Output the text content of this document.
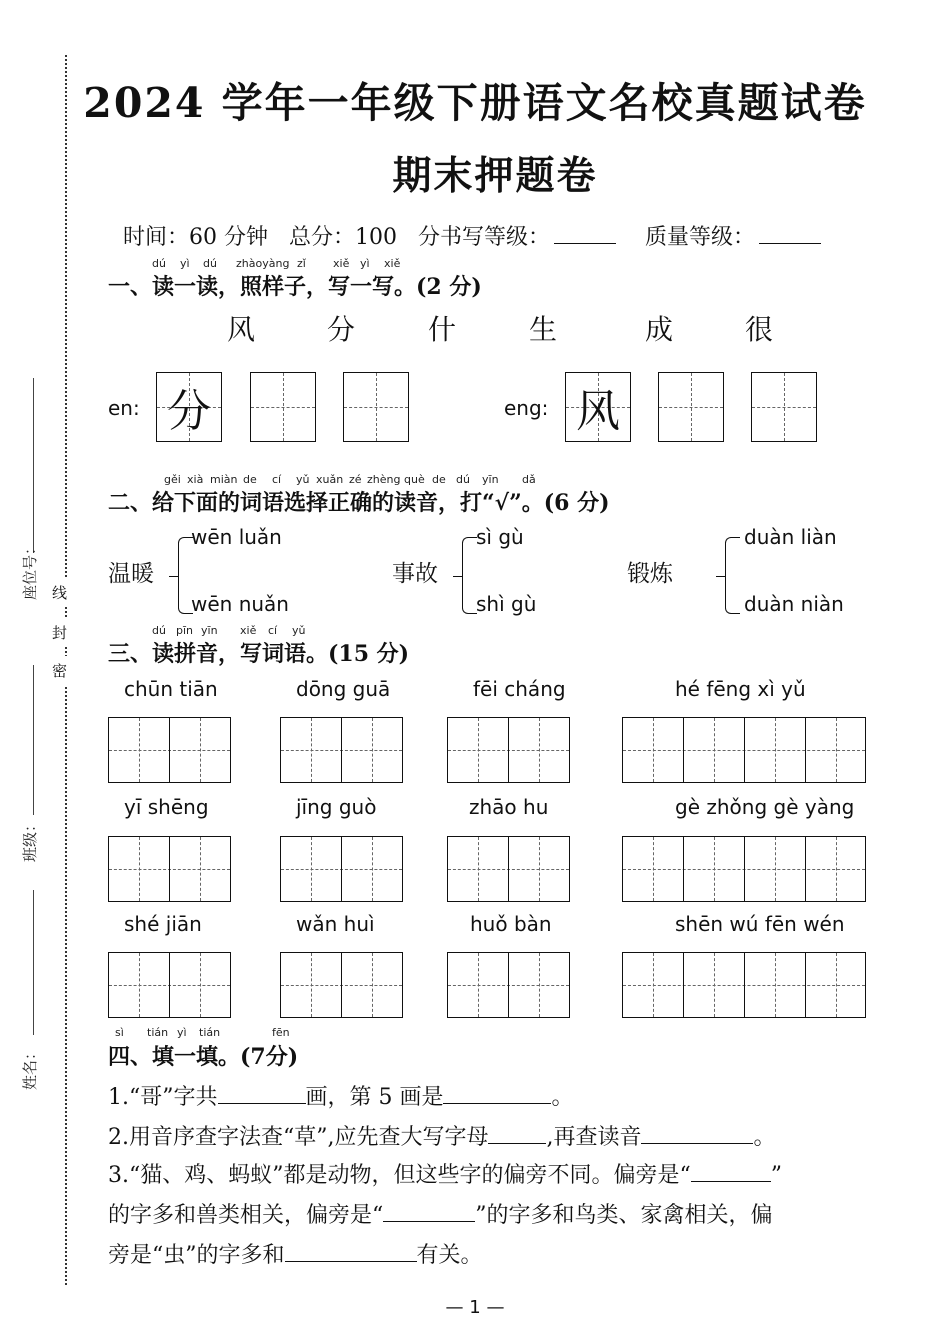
座位号： 线
封
密
班级：
姓名：
2024 学年一年级下册语文名校真题试卷
期末押题卷
时间：60 分钟 总分：100 分书写等级：	质量等级：
dú yì dú zhàoyàng zǐ xiě yì xiě
一、读一读，照样子，写一写。(2 分)
风	分	什	生	成	很
en: 分	eng: 风
gěi xià miàn de cí yǔ xuǎn zé zhèng què de dú yīn dǎ
二、给下面的词语选择正确的读音，打“√”。(6 分)
温暖
wēn luǎn
wēn nuǎn
事故
sì gù
shì gù
锻炼
duàn liàn
duàn niàn
dú pīn yīn xiě cí yǔ
三、读拼音，写词语。(15 分)
chūn tiān	dōng guā	fēi cháng	hé fēng xì yǔ
yī shēng	jīng guò	zhāo hu	gè zhǒng gè yàng
shé jiān	wǎn huì	huǒ bàn	shēn wú fēn wén
sì tián yì tián	fēn
四、填一填。(7分)
1.“哥”字共	画，第 5 画是	。
2.用音序查字法查“草”,应先查大写字母	,再查读音	。
3.“猫、鸡、蚂蚁”都是动物，但这些字的偏旁不同。偏旁是“	”
的字多和兽类相关，偏旁是“	”的字多和鸟类、家禽相关，偏
旁是“虫”的字多和	有关。
— 1 —
